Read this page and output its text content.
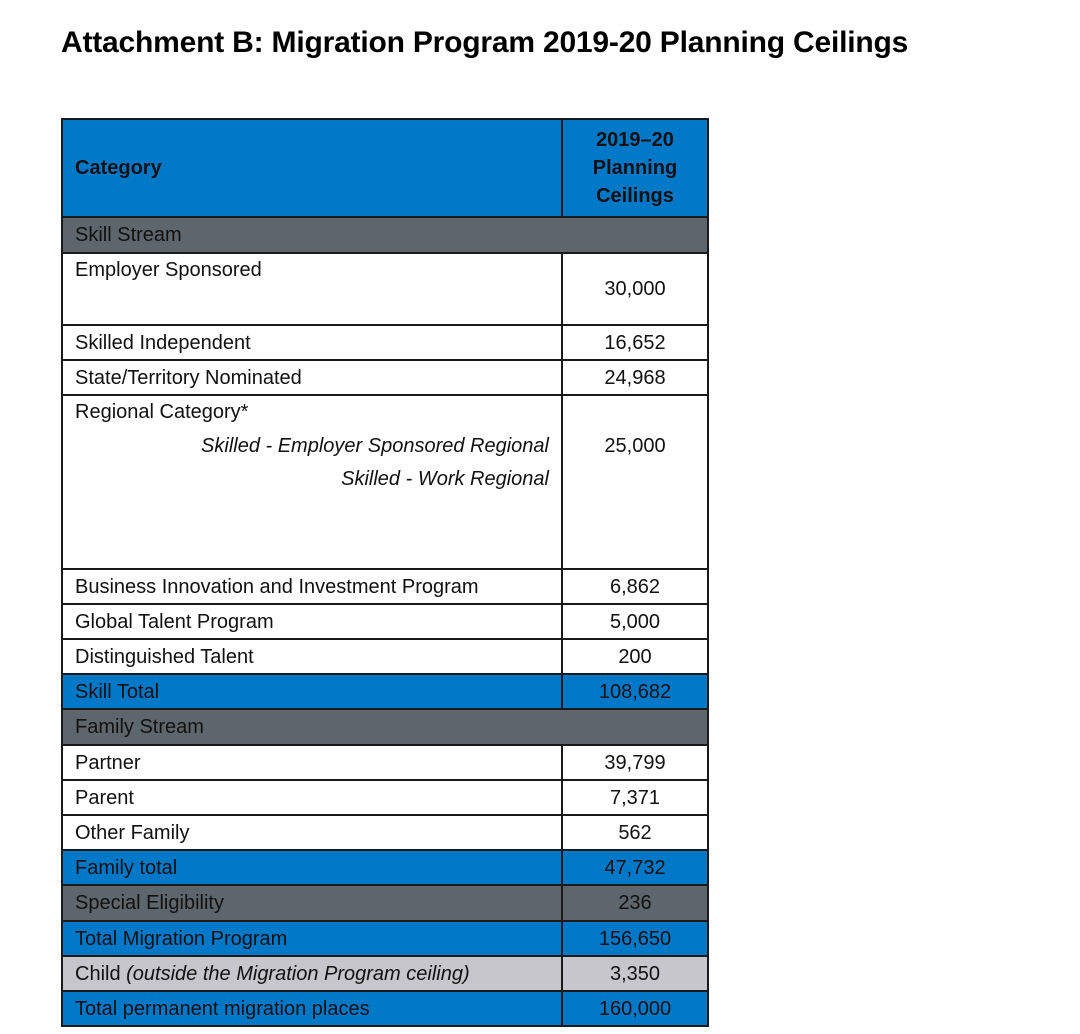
Attachment B: Migration Program 2019-20 Planning Ceilings
Category	2019–20
Planning
Ceilings
Skill Stream	
Employer Sponsored	30,000
Skilled Independent	16,652
State/Territory Nominated	24,968
Regional Category*
Skilled - Employer Sponsored Regional
Skilled - Work Regional	25,000
Business Innovation and Investment Program	6,862
Global Talent Program	5,000
Distinguished Talent	200
Skill Total	108,682
Family Stream	
Partner	39,799
Parent	7,371
Other Family	562
Family total	47,732
Special Eligibility	236
Total Migration Program	156,650
Child (outside the Migration Program ceiling)	3,350
Total permanent migration places	160,000
